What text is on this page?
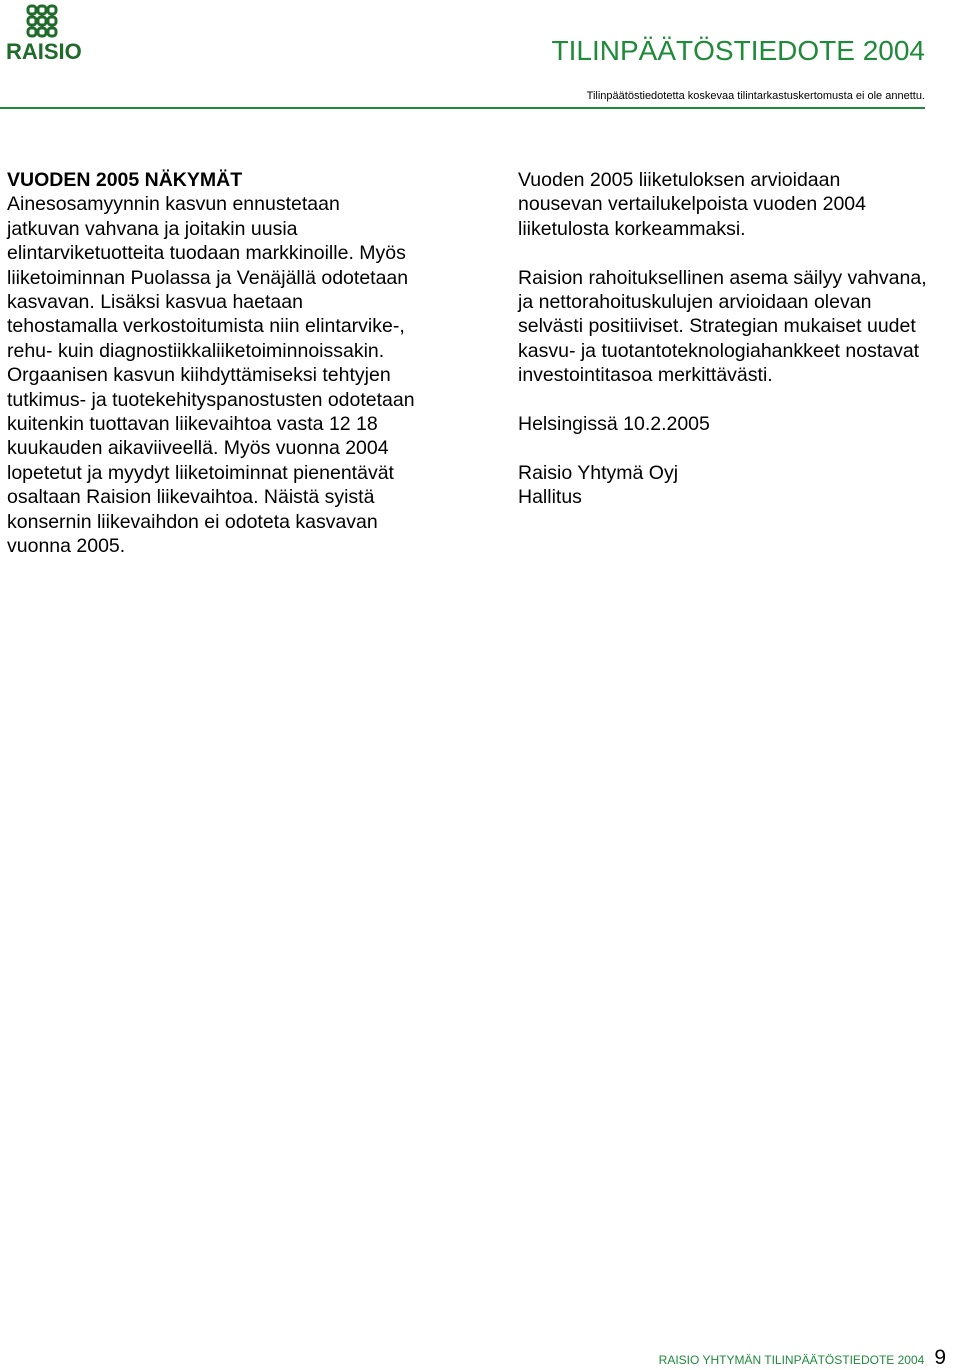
RAISIO	TILINPÄÄTÖSTIEDOTE 2004
Tilinpäätöstiedotetta koskevaa tilintarkastuskertomusta ei ole annettu.
VUODEN 2005 NÄKYMÄT
Ainesosamyynnin kasvun ennustetaan
jatkuvan vahvana ja joitakin uusia
elintarviketuotteita tuodaan markkinoille. Myös
liiketoiminnan Puolassa ja Venäjällä odotetaan
kasvavan. Lisäksi kasvua haetaan
tehostamalla verkostoitumista niin elintarvike-,
rehu- kuin diagnostiikkaliiketoiminnoissakin.
Orgaanisen kasvun kiihdyttämiseksi tehtyjen
tutkimus- ja tuotekehityspanostusten odotetaan
kuitenkin tuottavan liikevaihtoa vasta 12 18
kuukauden aikaviiveellä. Myös vuonna 2004
lopetetut ja myydyt liiketoiminnat pienentävät
osaltaan Raision liikevaihtoa. Näistä syistä
konsernin liikevaihdon ei odoteta kasvavan
vuonna 2005.
Vuoden 2005 liiketuloksen arvioidaan
nousevan vertailukelpoista vuoden 2004
liiketulosta korkeammaksi.
Raision rahoituksellinen asema säilyy vahvana,
ja nettorahoituskulujen arvioidaan olevan
selvästi positiiviset. Strategian mukaiset uudet
kasvu- ja tuotantoteknologiahankkeet nostavat
investointitasoa merkittävästi.
Helsingissä 10.2.2005
Raisio Yhtymä Oyj
Hallitus
RAISIO YHTYMÄN TILINPÄÄTÖSTIEDOTE 2004 9
